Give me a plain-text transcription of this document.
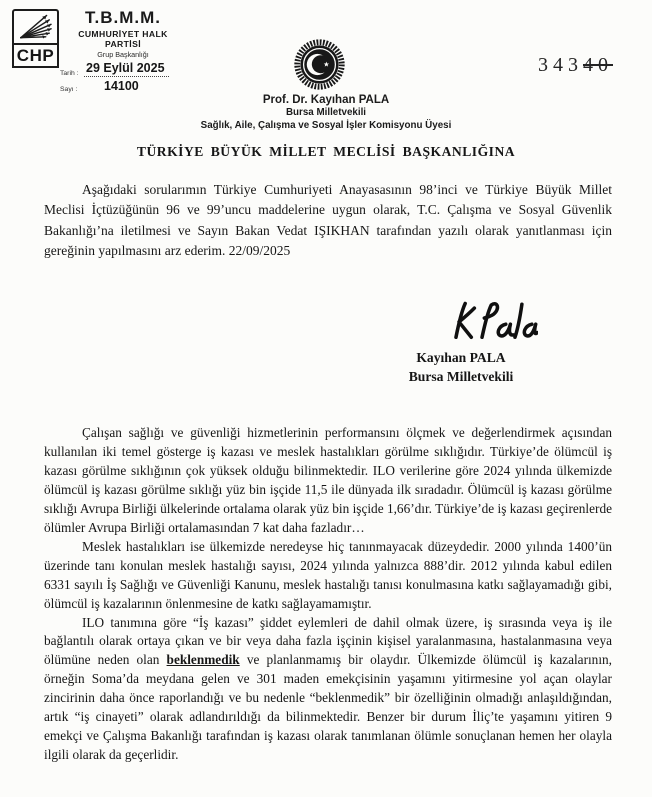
CHP
T.B.M.M.
CUMHURİYET HALK PARTİSİ
Grup Başkanlığı
Tarih : 29 Eylül 2025
Sayı :	14100
Prof. Dr. Kayıhan PALA
Bursa Milletvekili
Sağlık, Aile, Çalışma ve Sosyal İşler Komisyonu Üyesi
34340
TÜRKİYE BÜYÜK MİLLET MECLİSİ BAŞKANLIĞINA

Aşağıdaki sorularımın Türkiye Cumhuriyeti Anayasasının 98’inci ve Türkiye Büyük Millet Meclisi İçtüzüğünün 96 ve 99’uncu maddelerine uygun olarak, T.C. Çalışma ve Sosyal Güvenlik Bakanlığı’na iletilmesi ve Sayın Bakan Vedat IŞIKHAN tarafından yazılı olarak yanıtlanması için gereğinin yapılmasını arz ederim. 22/09/2025

Kayıhan PALA
Bursa Milletvekili

Çalışan sağlığı ve güvenliği hizmetlerinin performansını ölçmek ve değerlendirmek açısından kullanılan iki temel gösterge iş kazası ve meslek hastalıkları görülme sıklığıdır. Türkiye’de ölümcül iş kazası görülme sıklığının çok yüksek olduğu bilinmektedir. ILO verilerine göre 2024 yılında ülkemizde ölümcül iş kazası görülme sıklığı yüz bin işçide 11,5 ile dünyada ilk sıradadır. Ölümcül iş kazası görülme sıklığı Avrupa Birliği ülkelerinde ortalama olarak yüz bin işçide 1,66’dır. Türkiye’de iş kazası geçirenlerde ölümler Avrupa Birliği ortalamasından 7 kat daha fazladır…

Meslek hastalıkları ise ülkemizde neredeyse hiç tanınmayacak düzeydedir. 2000 yılında 1400’ün üzerinde tanı konulan meslek hastalığı sayısı, 2024 yılında yalnızca 888’dir. 2012 yılında kabul edilen 6331 sayılı İş Sağlığı ve Güvenliği Kanunu, meslek hastalığı tanısı konulmasına katkı sağlayamadığı gibi, ölümcül iş kazalarının önlenmesine de katkı sağlayamamıştır.

ILO tanımına göre “İş kazası” şiddet eylemleri de dahil olmak üzere, iş sırasında veya iş ile bağlantılı olarak ortaya çıkan ve bir veya daha fazla işçinin kişisel yaralanmasına, hastalanmasına veya ölümüne neden olan beklenmedik ve planlanmamış bir olaydır. Ülkemizde ölümcül iş kazalarının, örneğin Soma’da meydana gelen ve 301 maden emekçisinin yaşamını yitirmesine yol açan olaylar zincirinin daha önce raporlandığı ve bu nedenle “beklenmedik” bir özelliğinin olmadığı anlaşıldığından, artık “iş cinayeti” olarak adlandırıldığı da bilinmektedir. Benzer bir durum İliç’te yaşamını yitiren 9 emekçi ve Çalışma Bakanlığı tarafından iş kazası olarak tanımlanan ölümle sonuçlanan hemen her olayla ilgili olarak da geçerlidir.
